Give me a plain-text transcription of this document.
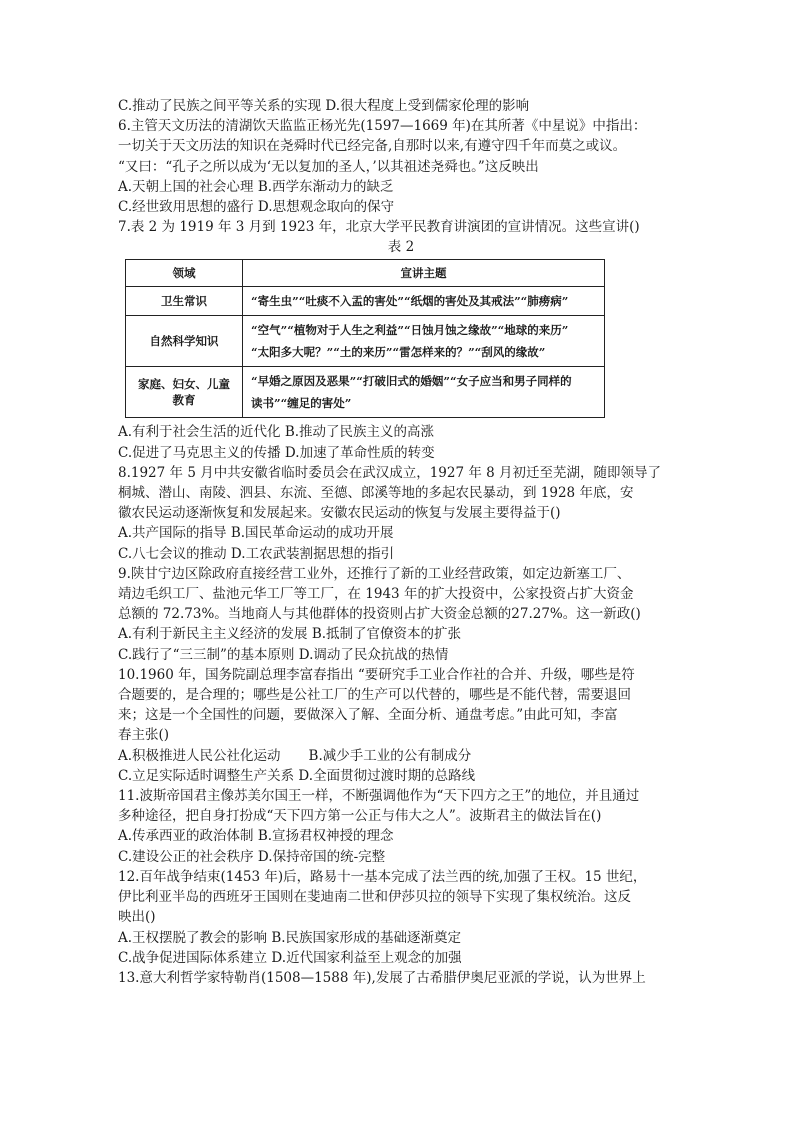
C.推动了民族之间平等关系的实现 D.很大程度上受到儒家伦理的影响
6.主管天文历法的清湖饮天监监正杨光先(1597—1669 年)在其所著《中星说》中指出：
一切关于天文历法的知识在尧舜时代已经完备,自那时以来,有遵守四千年而莫之或议。
“又曰：“孔子之所以成为‘无以复加的圣人，’以其祖述尧舜也。”这反映出
A.天朝上国的社会心理 B.西学东渐动力的缺乏
C.经世致用思想的盛行 D.思想观念取向的保守
7.表 2 为 1919 年 3 月到 1923 年，北京大学平民教育讲演团的宣讲情况。这些宣讲()
表 2
领域	宣讲主题
卫生常识	“寄生虫”“吐痰不入盂的害处”“纸烟的害处及其戒法”“肺痨病”

自然科学知识	“空气”“植物对于人生之利益”“日蚀月蚀之缘故”“地球的来历”
“太阳多大呢？”“土的来历”“雷怎样来的？”“刮风的缘故”

家庭、妇女、儿童教育	“早婚之原因及恶果”“打破旧式的婚姻”“女子应当和男子同样的
读书”“缠足的害处”
A.有利于社会生活的近代化 B.推动了民族主义的高涨
C.促进了马克思主义的传播 D.加速了革命性质的转变
8.1927 年 5 月中共安徽省临时委员会在武汉成立，1927 年 8 月初迁至芜湖，随即领导了
桐城、潜山、南陵、泗县、东流、至德、郎溪等地的多起农民暴动，到 1928 年底，安
徽农民运动逐渐恢复和发展起来。安徽农民运动的恢复与发展主要得益于()
A.共产国际的指导 B.国民革命运动的成功开展
C.八七会议的推动 D.工农武装割据思想的指引
9.陕甘宁边区除政府直接经营工业外，还推行了新的工业经营政策，如定边新塞工厂、
靖边毛织工厂、盐池元华工厂等工厂，在 1943 年的扩大投资中，公家投资占扩大资金
总额的 72.73%。当地商人与其他群体的投资则占扩大资金总额的27.27%。这一新政()
A.有利于新民主主义经济的发展 B.抵制了官僚资本的扩张
C.践行了“三三制”的基本原则 D.调动了民众抗战的热情
10.1960 年，国务院副总理李富春指出 “要研究手工业合作社的合并、升级，哪些是符
合题要的，是合理的；哪些是公社工厂的生产可以代替的，哪些是不能代替，需要退回
来；这是一个全国性的问题，要做深入了解、全面分析、通盘考虑。”由此可知，李富
春主张()
A.积极推进人民公社化运动 B.减少手工业的公有制成分
C.立足实际适时调整生产关系 D.全面贯彻过渡时期的总路线
11.波斯帝国君主像苏美尔国王一样，不断强调他作为“天下四方之王”的地位，并且通过
多种途径，把自身打扮成“天下四方第一公正与伟大之人”。波斯君主的做法旨在()
A.传承西亚的政治体制 B.宣扬君权神授的理念
C.建设公正的社会秩序 D.保持帝国的统-完整
12.百年战争结束(1453 年)后，路易十一基本完成了法兰西的统,加强了王权。15 世纪，
伊比利亚半岛的西班牙王国则在斐迪南二世和伊莎贝拉的领导下实现了集权统治。这反
映出()
A.王权摆脱了教会的影响 B.民族国家形成的基础逐渐奠定
C.战争促进国际体系建立 D.近代国家利益至上观念的加强
13.意大利哲学家特勒肖(1508—1588 年),发展了古希腊伊奥尼亚派的学说，认为世界上
